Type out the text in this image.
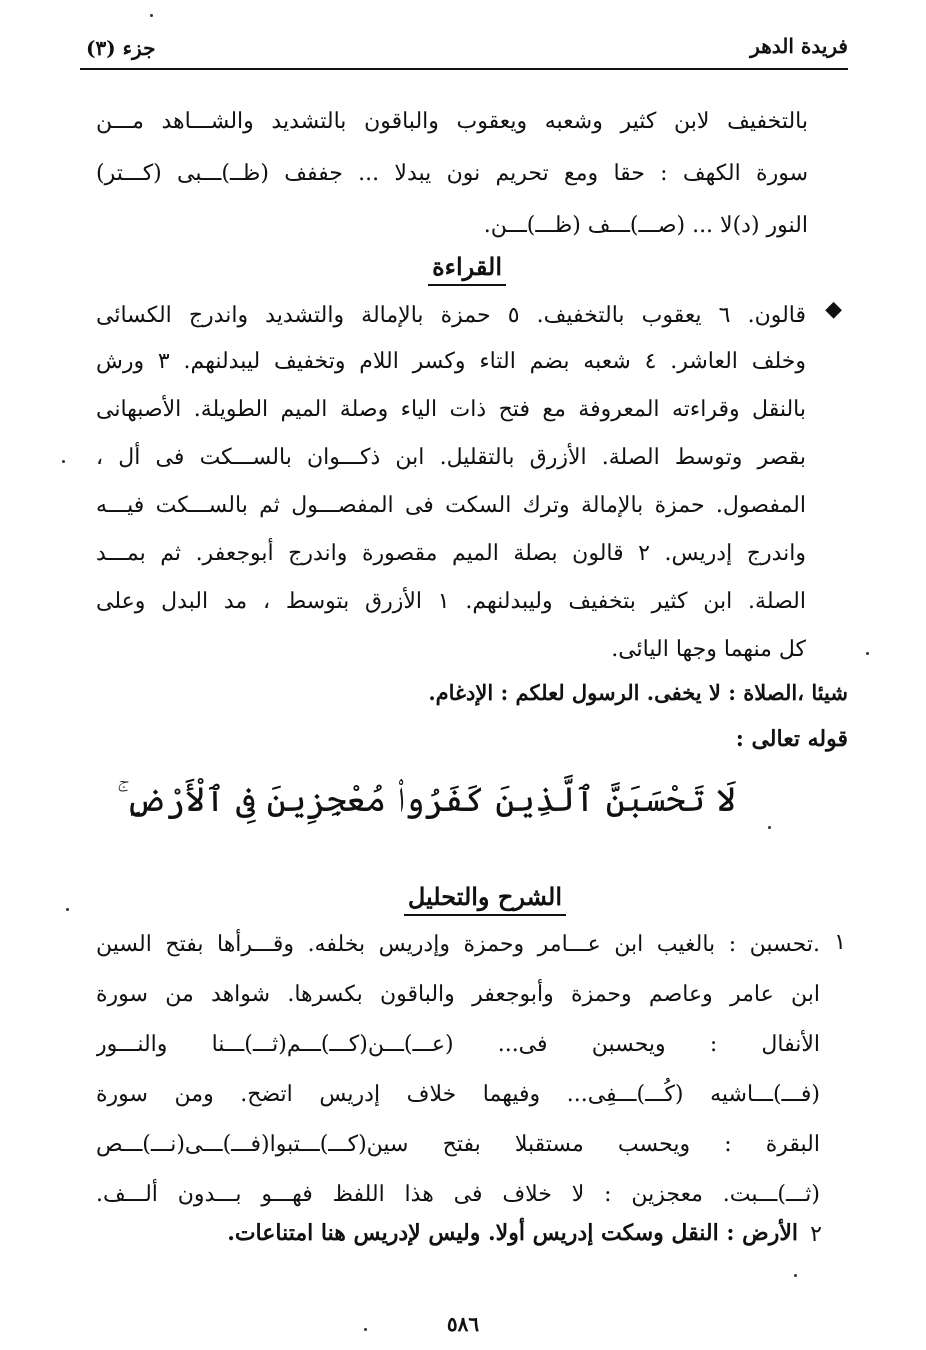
فريدة الدهر
جزء (٣)
بالتخفيف لابن كثير وشعبه ويعقوب والباقون بالتشديد والشـــاهد مـــن
سورة الكهف : حقا ومع تحريم نون يبدلا ... جففف (ظــ)ـــبى (كـــتر)
النور (د)لا ... (صـــ)ـــف (ظـــ)ـــن.
القراءة
◆
قالون. ٦ يعقوب بالتخفيف. ٥ حمزة بالإمالة والتشديد واندرج الكسائى
وخلف العاشر. ٤ شعبه بضم التاء وكسر اللام وتخفيف ليبدلنهم. ٣ ورش
بالنقل وقراءته المعروفة مع فتح ذات الياء وصلة الميم الطويلة. الأصبهانى
بقصر وتوسط الصلة. الأزرق بالتقليل. ابن ذكـــوان بالســـكت فى أل ،
المفصول. حمزة بالإمالة وترك السكت فى المفصـــول ثم بالســـكت فيـــه
واندرج إدريس. ٢ قالون بصلة الميم مقصورة واندرج أبوجعفر. ثم بمـــد
الصلة. ابن كثير بتخفيف وليبدلنهم. ١ الأزرق بتوسط ، مد البدل وعلى
كل منهما وجها اليائى.
شيئا ،الصلاة : لا يخفى. الرسول لعلكم : الإدغام.
قوله تعالى :
لَا تَحْسَبَنَّ ٱلَّذِينَ كَفَرُوا۟ مُعْجِزِينَ فِى ٱلْأَرْضِ ۚ
الشرح والتحليل
١
.تحسبن : بالغيب ابن عـــامر وحمزة وإدريس بخلفه. وقـــرأها بفتح السين
ابن عامر وعاصم وحمزة وأبوجعفر والباقون بكسرها. شواهد من سورة
الأنفال : ويحسبن فى... (عـــ)ـــن(كـــ)ـــم(ثـــ)ـــنا والنـــور
(فـــ)ـــاشيه (كُـــ)ـــفِى... وفيهما خلاف إدريس اتضح. ومن سورة
البقرة : ويحسب مستقبلا بفتح سين(كـــ)ـــتبوا(فـــ)ـــى(نـــ)ـــص
(ثـــ)ـــبت. معجزين : لا خلاف فى هذا اللفظ فهـــو بـــدون ألـــف.
٢
الأرض : النقل وسكت إدريس أولا. وليس لإدريس هنا امتناعات.
٥٨٦
